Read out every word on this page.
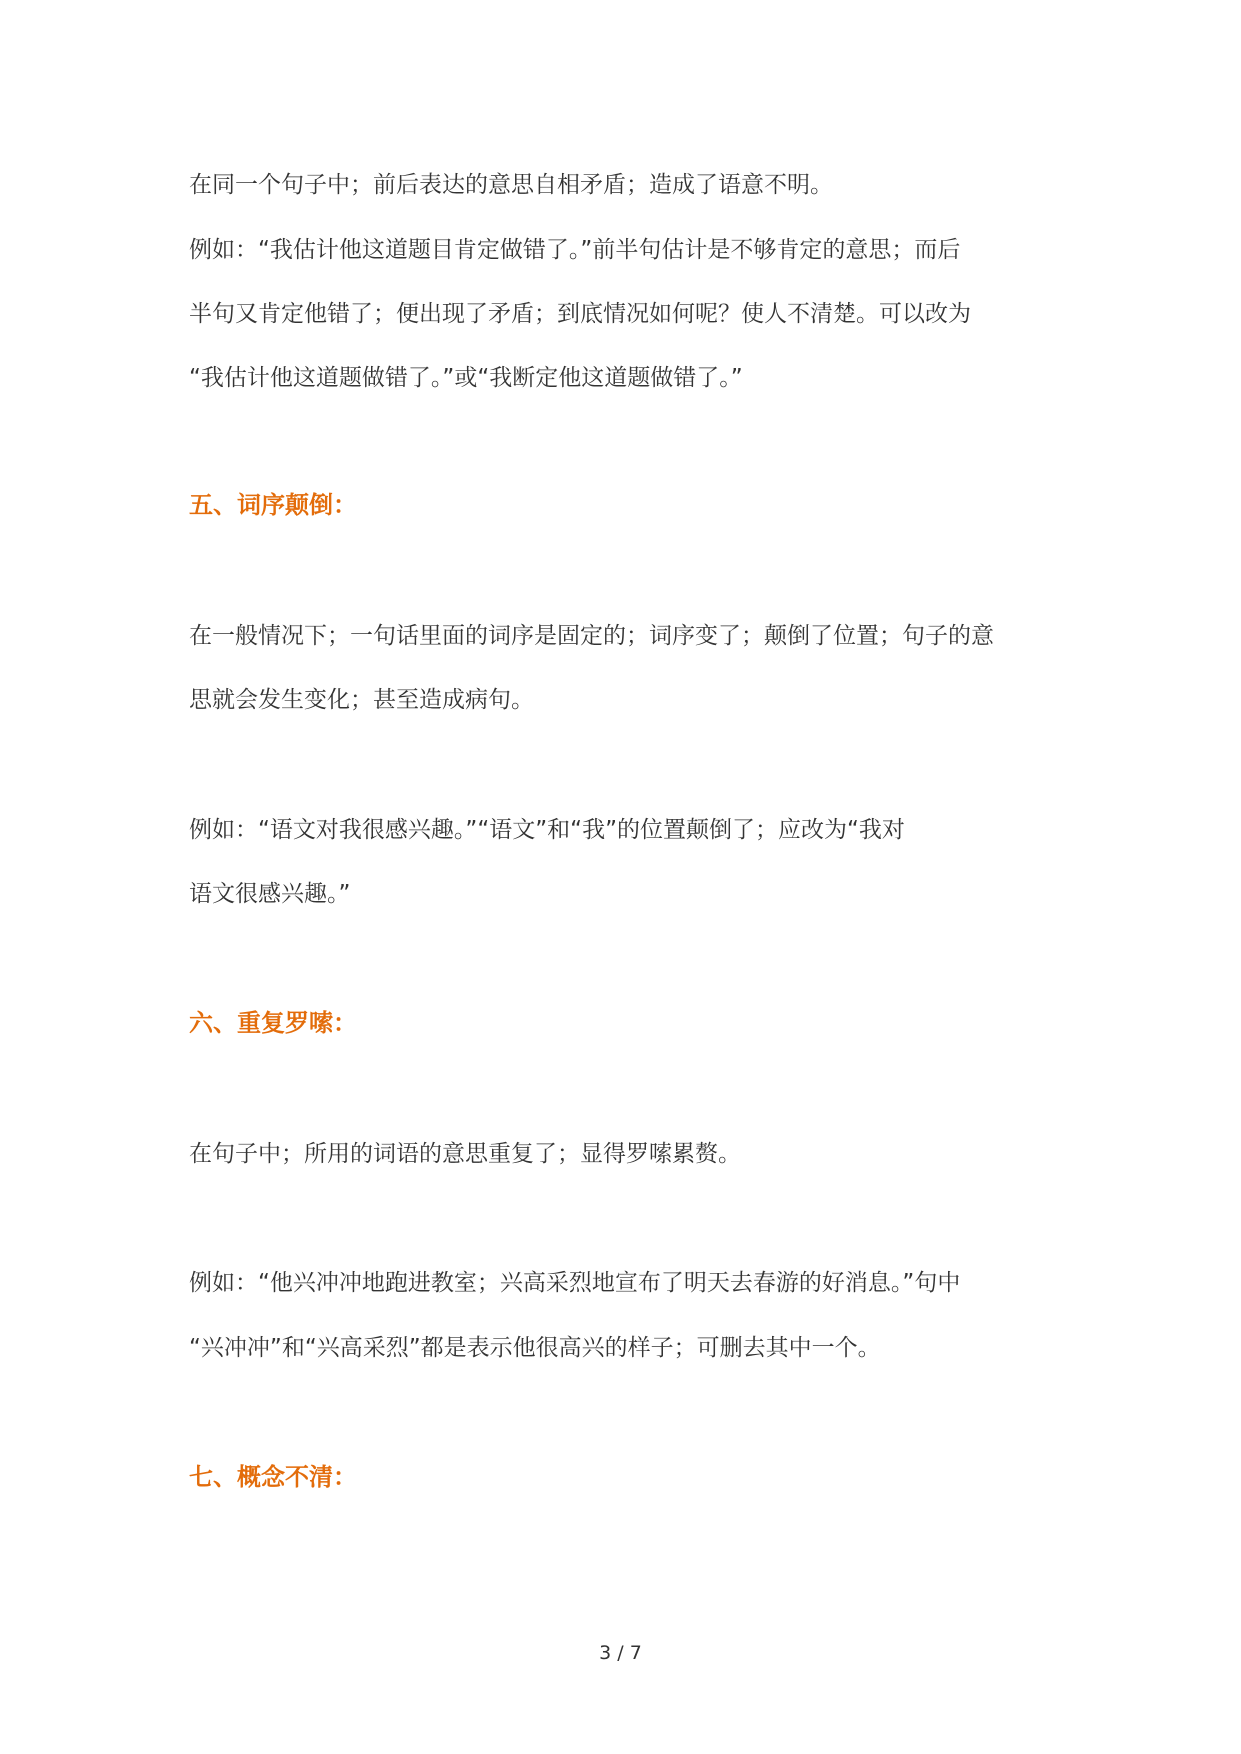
在同一个句子中；前后表达的意思自相矛盾；造成了语意不明。
例如：“我估计他这道题目肯定做错了。”前半句估计是不够肯定的意思；而后
半句又肯定他错了；便出现了矛盾；到底情况如何呢？使人不清楚。可以改为
“我估计他这道题做错了。”或“我断定他这道题做错了。”
五、词序颠倒：
在一般情况下；一句话里面的词序是固定的；词序变了；颠倒了位置；句子的意
思就会发生变化；甚至造成病句。
例如：“语文对我很感兴趣。”“语文”和“我”的位置颠倒了；应改为“我对
语文很感兴趣。”
六、重复罗嗦：
在句子中；所用的词语的意思重复了；显得罗嗦累赘。
例如：“他兴冲冲地跑进教室；兴高采烈地宣布了明天去春游的好消息。”句中
“兴冲冲”和“兴高采烈”都是表示他很高兴的样子；可删去其中一个。
七、概念不清：
3 / 7
